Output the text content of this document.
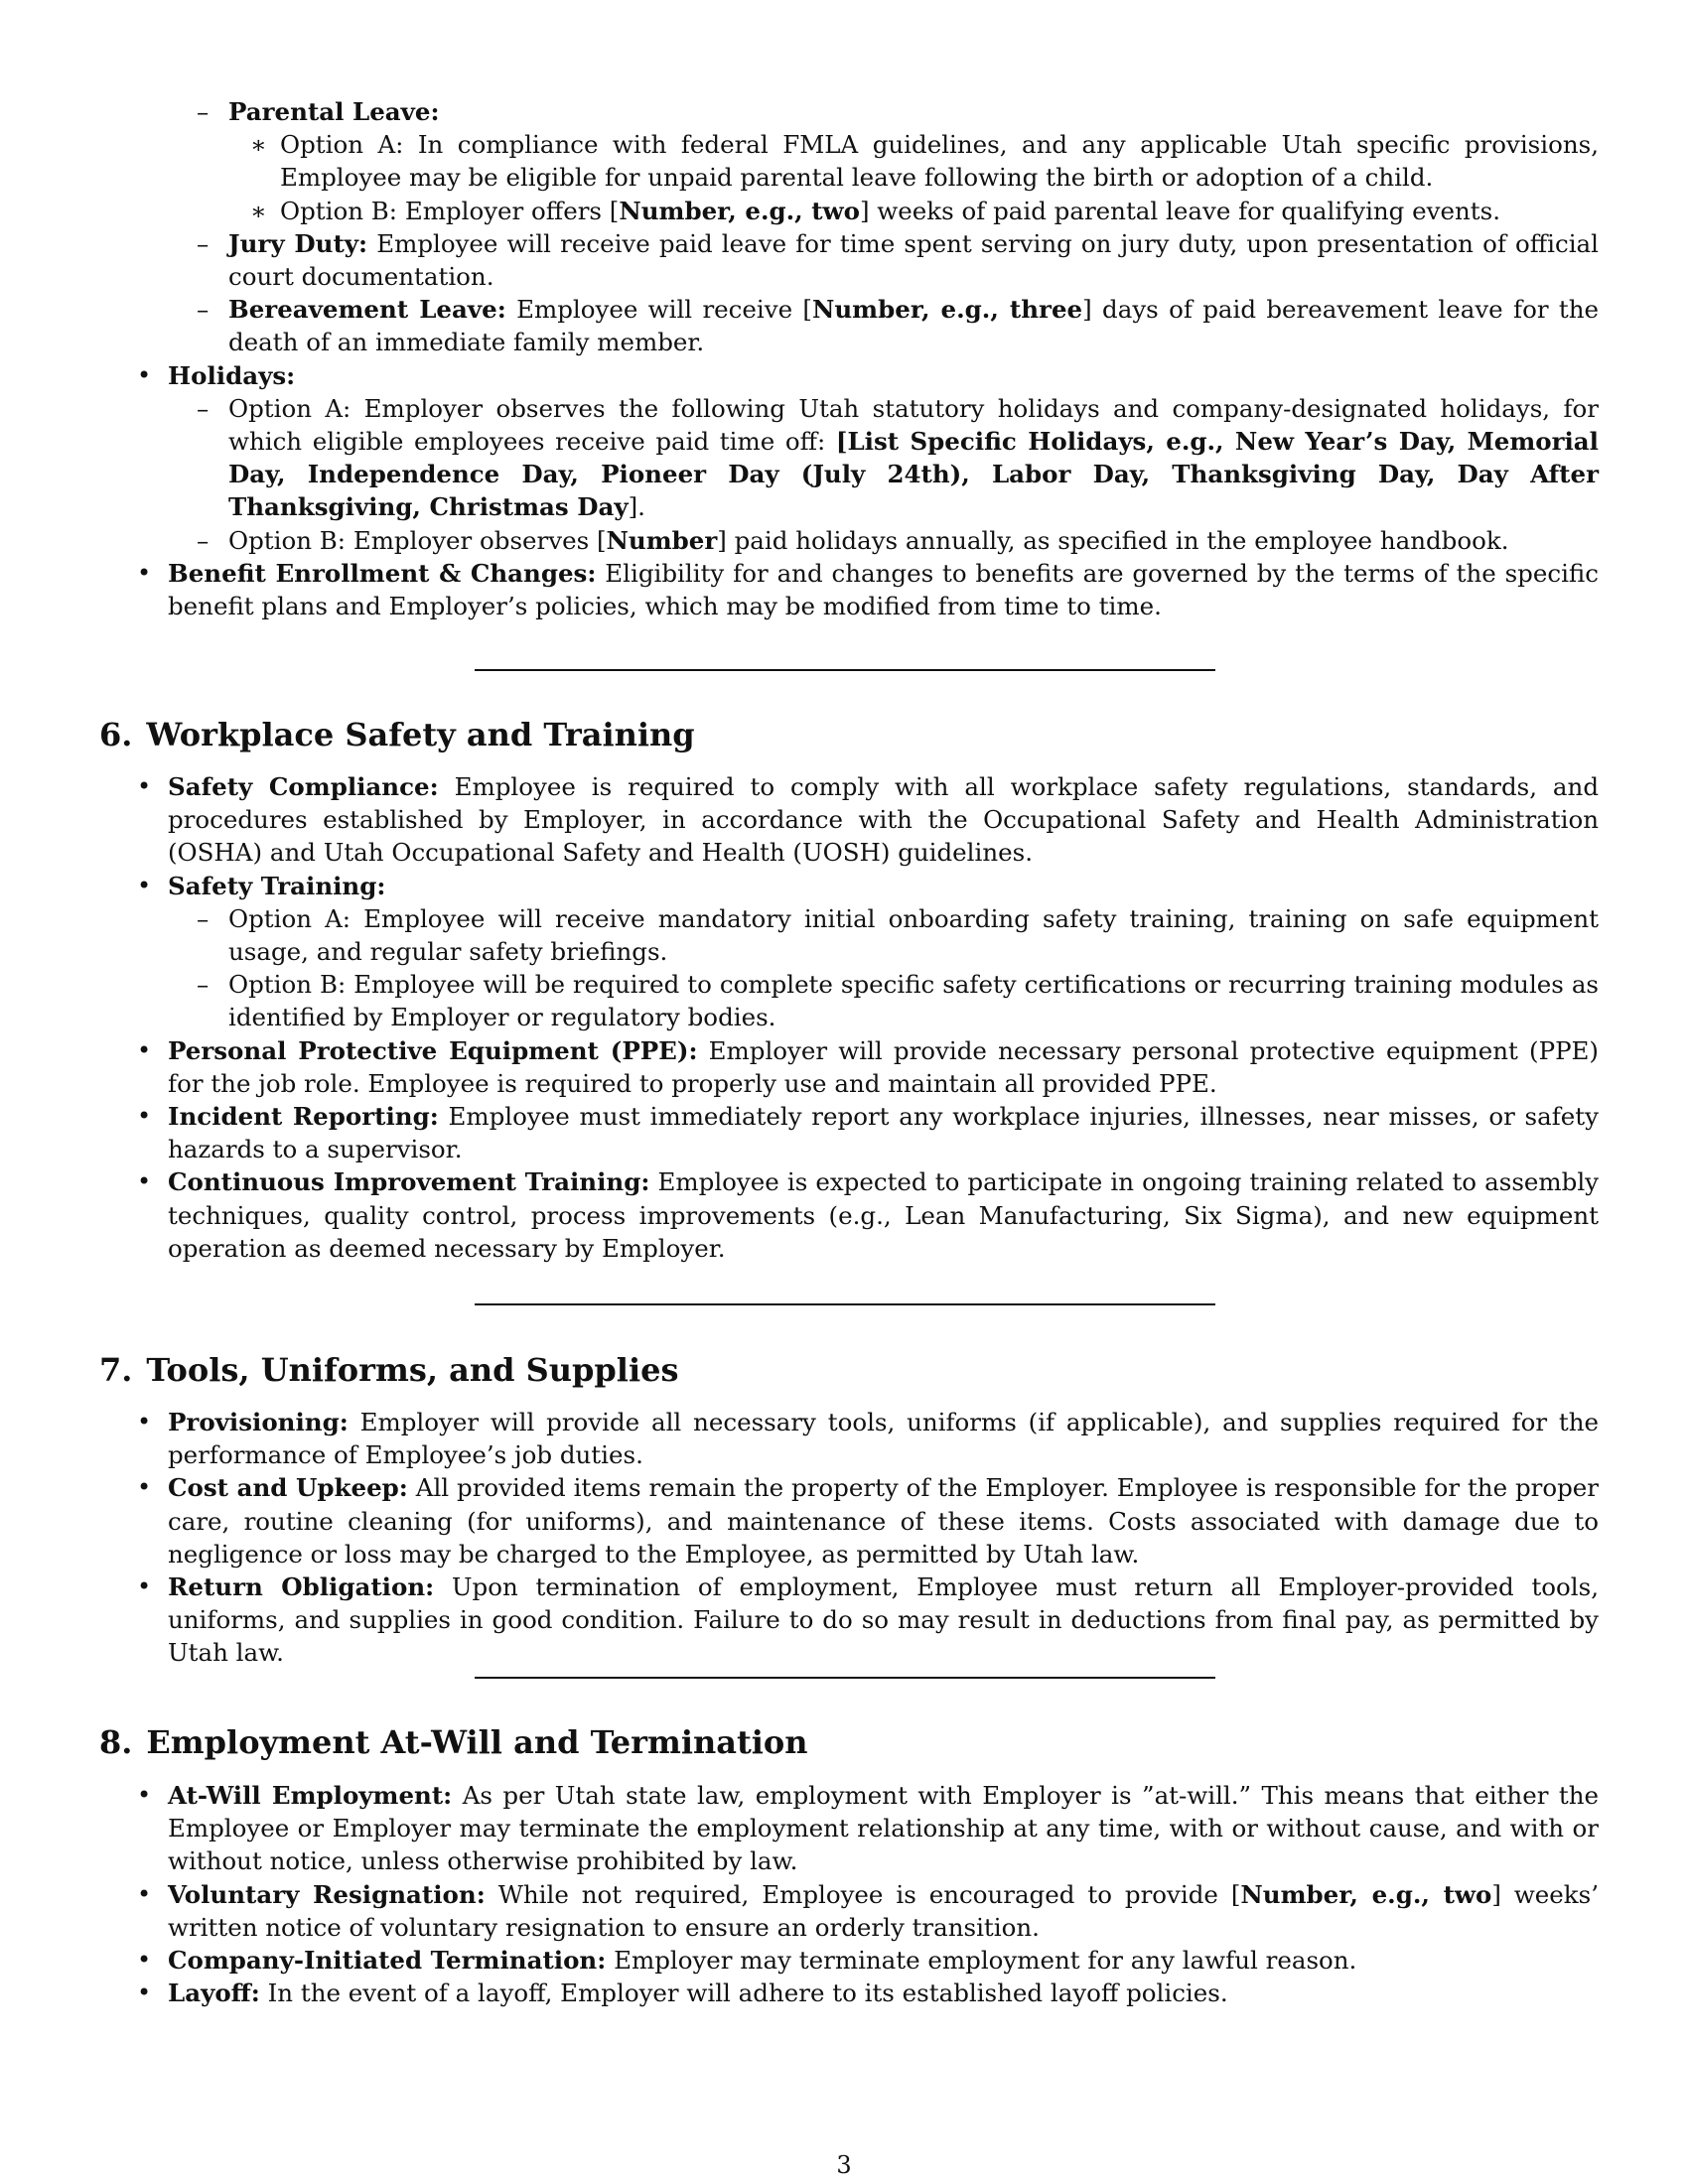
– Parental Leave:
∗ Option A: In compliance with federal FMLA guidelines, and any applicable Utah specific provisions, Employee may be eligible for unpaid parental leave following the birth or adoption of a child.
∗ Option B: Employer offers [Number, e.g., two] weeks of paid parental leave for qualifying events.
– Jury Duty: Employee will receive paid leave for time spent serving on jury duty, upon presentation of official court documentation.
– Bereavement Leave: Employee will receive [Number, e.g., three] days of paid bereavement leave for the death of an immediate family member.
• Holidays:
– Option A: Employer observes the following Utah statutory holidays and company-designated holidays, for which eligible employees receive paid time off: [List Specific Holidays, e.g., New Year’s Day, Memorial Day, Independence Day, Pioneer Day (July 24th), Labor Day, Thanksgiving Day, Day After Thanksgiving, Christmas Day].
– Option B: Employer observes [Number] paid holidays annually, as specified in the employee handbook.
• Benefit Enrollment & Changes: Eligibility for and changes to benefits are governed by the terms of the specific benefit plans and Employer’s policies, which may be modified from time to time.
6. Workplace Safety and Training
• Safety Compliance: Employee is required to comply with all workplace safety regulations, standards, and procedures established by Employer, in accordance with the Occupational Safety and Health Administration (OSHA) and Utah Occupational Safety and Health (UOSH) guidelines.
• Safety Training:
– Option A: Employee will receive mandatory initial onboarding safety training, training on safe equipment usage, and regular safety briefings.
– Option B: Employee will be required to complete specific safety certifications or recurring training modules as identified by Employer or regulatory bodies.
• Personal Protective Equipment (PPE): Employer will provide necessary personal protective equipment (PPE) for the job role. Employee is required to properly use and maintain all provided PPE.
• Incident Reporting: Employee must immediately report any workplace injuries, illnesses, near misses, or safety hazards to a supervisor.
• Continuous Improvement Training: Employee is expected to participate in ongoing training related to assembly techniques, quality control, process improvements (e.g., Lean Manufacturing, Six Sigma), and new equipment operation as deemed necessary by Employer.
7. Tools, Uniforms, and Supplies
• Provisioning: Employer will provide all necessary tools, uniforms (if applicable), and supplies required for the performance of Employee’s job duties.
• Cost and Upkeep: All provided items remain the property of the Employer. Employee is responsible for the proper care, routine cleaning (for uniforms), and maintenance of these items. Costs associated with damage due to negligence or loss may be charged to the Employee, as permitted by Utah law.
• Return Obligation: Upon termination of employment, Employee must return all Employer-provided tools, uniforms, and supplies in good condition. Failure to do so may result in deductions from final pay, as permitted by Utah law.
8. Employment At-Will and Termination
• At-Will Employment: As per Utah state law, employment with Employer is ”at-will.” This means that either the Employee or Employer may terminate the employment relationship at any time, with or without cause, and with or without notice, unless otherwise prohibited by law.
• Voluntary Resignation: While not required, Employee is encouraged to provide [Number, e.g., two] weeks’ written notice of voluntary resignation to ensure an orderly transition.
• Company-Initiated Termination: Employer may terminate employment for any lawful reason.
• Layoff: In the event of a layoff, Employer will adhere to its established layoff policies.
3
